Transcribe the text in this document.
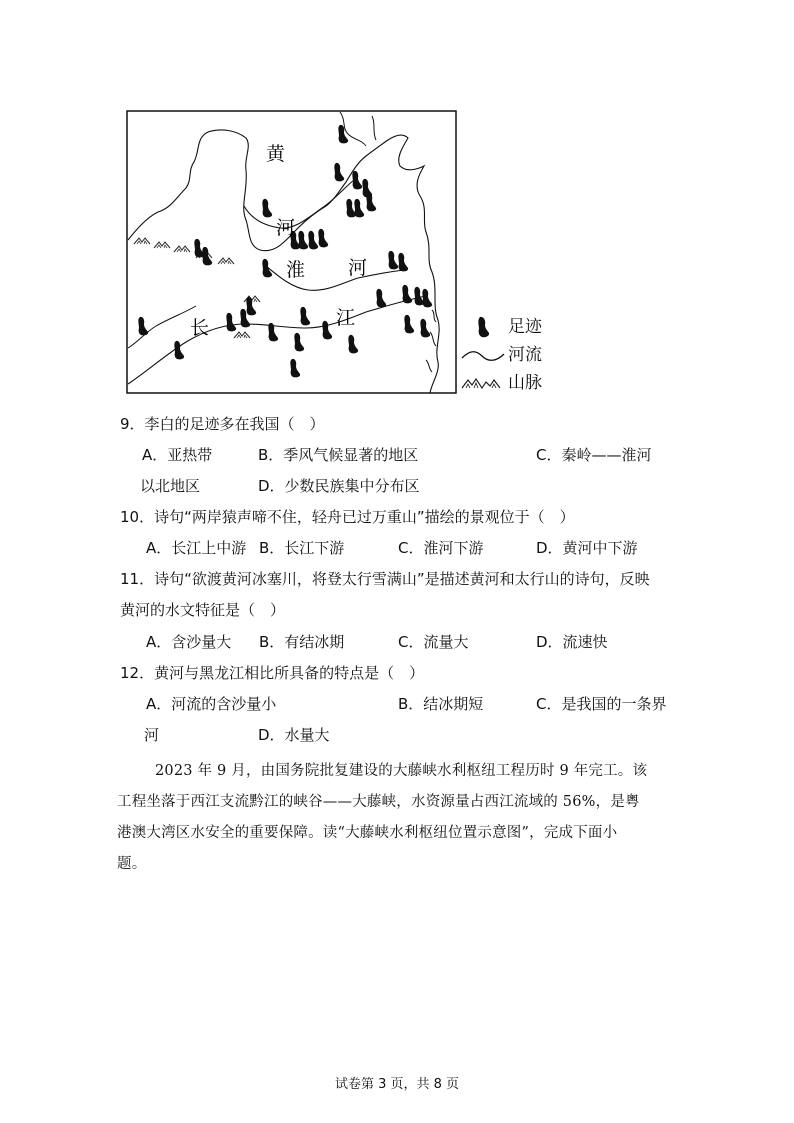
黄
河
淮 河
长	江	足迹
河流
山脉
9．李白的足迹多在我国（　）
A．亚热带	B．季风气候显著的地区	C．秦岭——淮河
以北地区	D．少数民族集中分布区
10．诗句“两岸猿声啼不住，轻舟已过万重山”描绘的景观位于（　）
A．长江上中游 B．长江下游	C．淮河下游	D．黄河中下游
11．诗句“欲渡黄河冰塞川，将登太行雪满山”是描述黄河和太行山的诗句，反映
黄河的水文特征是（　）
A．含沙量大 B．有结冰期	C．流量大	D．流速快
12．黄河与黑龙江相比所具备的特点是（　）
A．河流的含沙量小	B．结冰期短	C．是我国的一条界
河	D．水量大
2023 年 9 月，由国务院批复建设的大藤峡水利枢纽工程历时 9 年完工。该
工程坐落于西江支流黔江的峡谷——大藤峡，水资源量占西江流域的 56%，是粤
港澳大湾区水安全的重要保障。读“大藤峡水利枢纽位置示意图”，完成下面小
题。
试卷第 3 页，共 8 页
